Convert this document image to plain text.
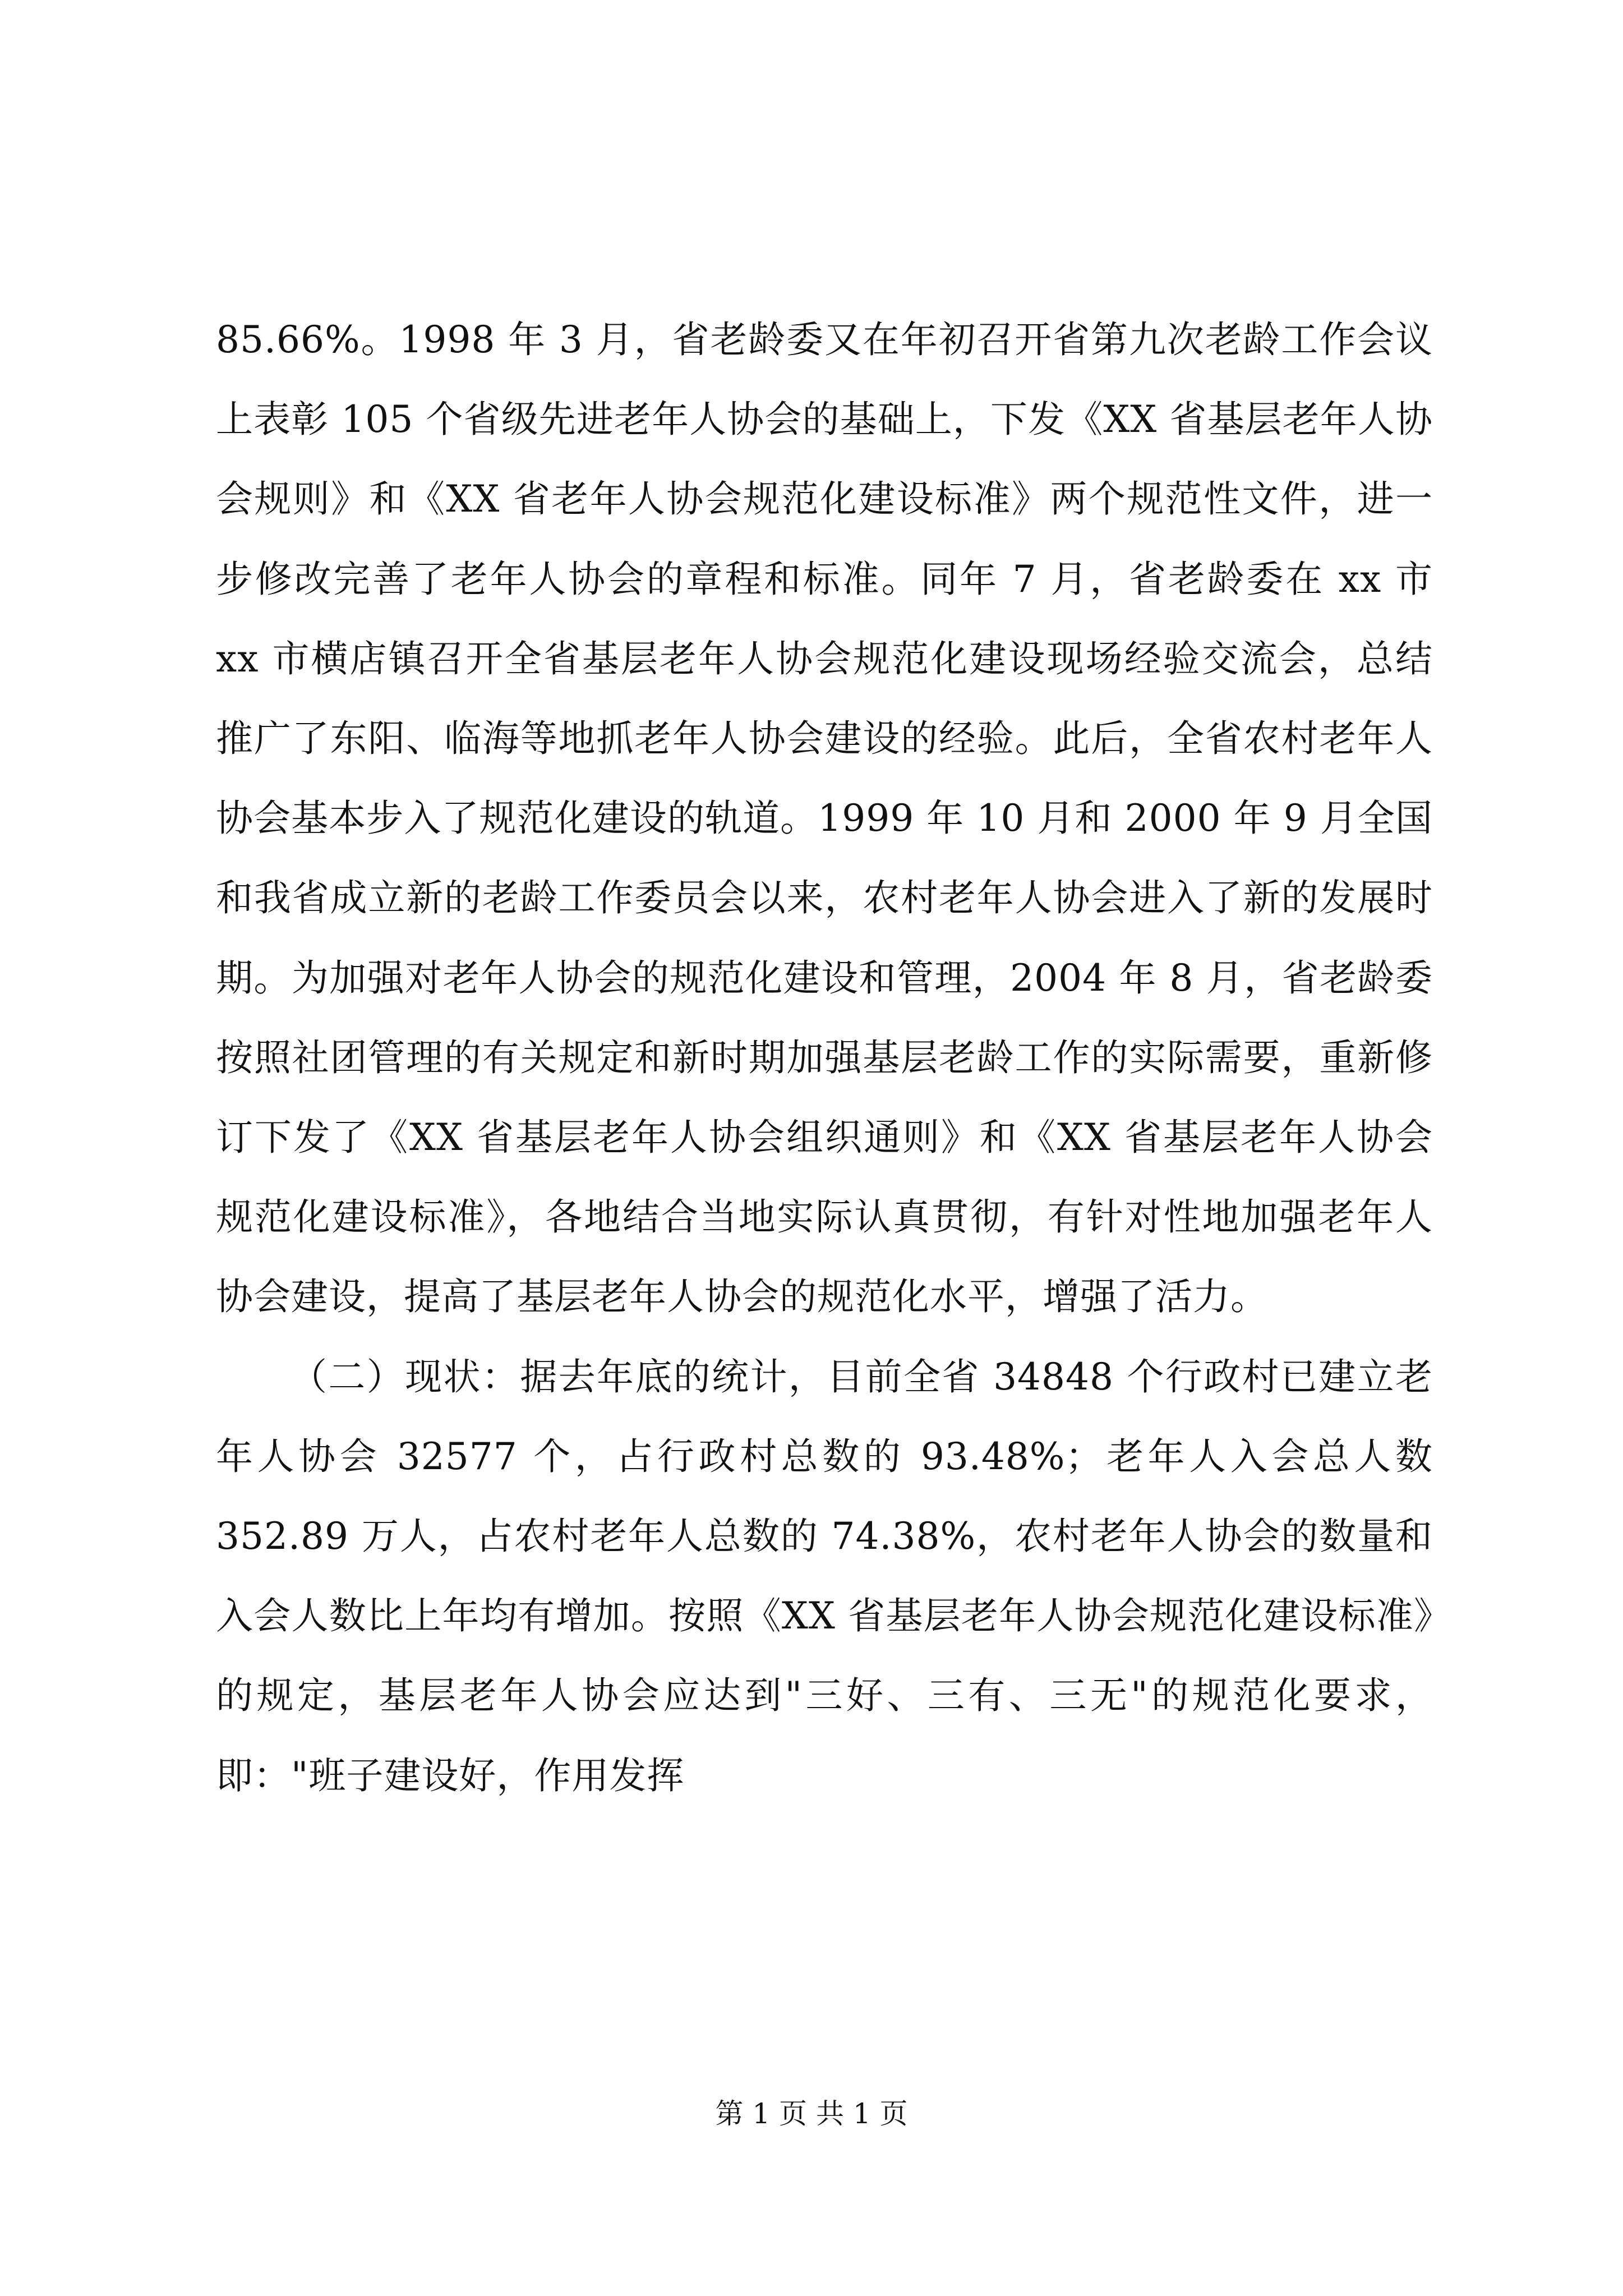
85.66%。1998 年 3 月，省老龄委又在年初召开省第九次老龄工作会议上表彰 105 个省级先进老年人协会的基础上，下发《XX 省基层老年人协会规则》和《XX 省老年人协会规范化建设标准》两个规范性文件，进一步修改完善了老年人协会的章程和标准。同年 7 月，省老龄委在 xx 市 xx 市横店镇召开全省基层老年人协会规范化建设现场经验交流会，总结推广了东阳、临海等地抓老年人协会建设的经验。此后，全省农村老年人协会基本步入了规范化建设的轨道。1999 年 10 月和 2000 年 9 月全国和我省成立新的老龄工作委员会以来，农村老年人协会进入了新的发展时期。为加强对老年人协会的规范化建设和管理，2004 年 8 月，省老龄委按照社团管理的有关规定和新时期加强基层老龄工作的实际需要，重新修订下发了《XX 省基层老年人协会组织通则》和《XX 省基层老年人协会规范化建设标准》，各地结合当地实际认真贯彻，有针对性地加强老年人协会建设，提高了基层老年人协会的规范化水平，增强了活力。

（二）现状：据去年底的统计，目前全省 34848 个行政村已建立老年人协会 32577 个，占行政村总数的 93.48%；老年人入会总人数 352.89 万人，占农村老年人总数的 74.38%，农村老年人协会的数量和入会人数比上年均有增加。按照《XX 省基层老年人协会规范化建设标准》的规定，基层老年人协会应达到"三好、三有、三无"的规范化要求，即："班子建设好，作用发挥

第 1 页 共 1 页
